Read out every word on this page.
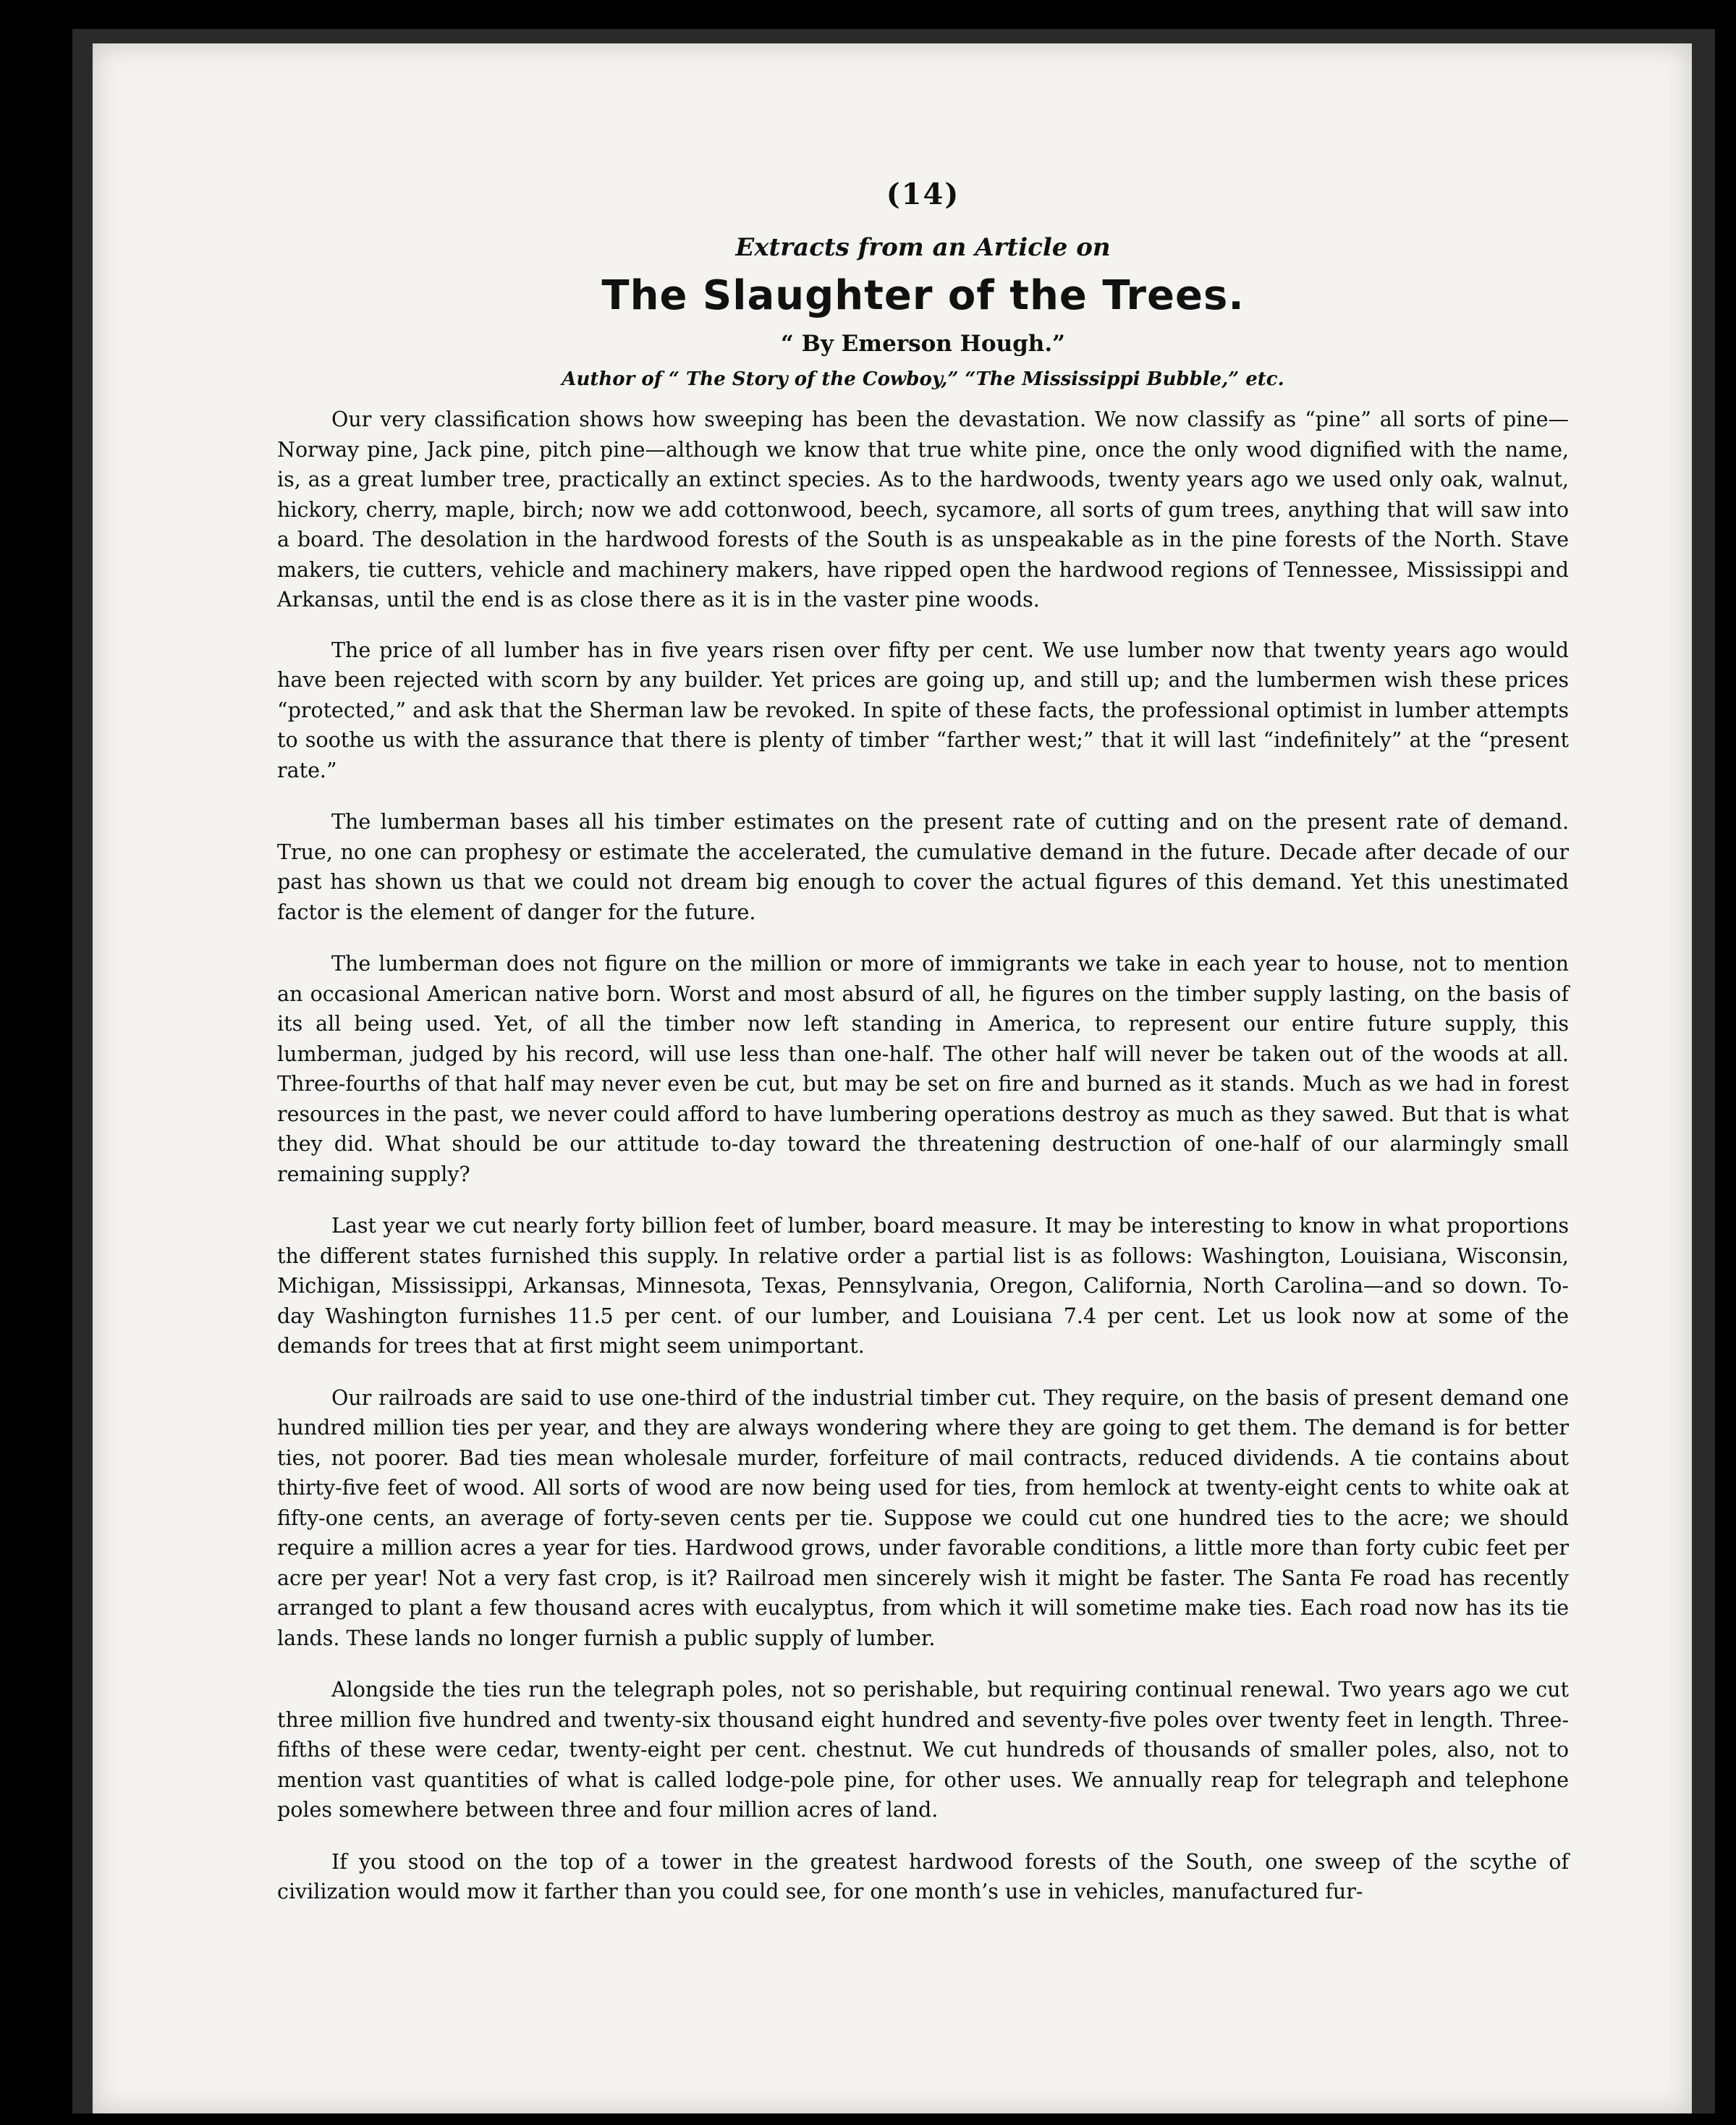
(14)
Extracts from an Article on
The Slaughter of the Trees.
“ By Emerson Hough.”
Author of “ The Story of the Cowboy,” “The Mississippi Bubble,” etc.

Our very classification shows how sweeping has been the devastation. We now classify as “pine” all sorts of pine—Norway pine, Jack pine, pitch pine—although we know that true white pine, once the only wood dignified with the name, is, as a great lumber tree, practically an extinct species. As to the hardwoods, twenty years ago we used only oak, walnut, hickory, cherry, maple, birch; now we add cottonwood, beech, sycamore, all sorts of gum trees, anything that will saw into a board. The desolation in the hardwood forests of the South is as unspeakable as in the pine forests of the North. Stave makers, tie cutters, vehicle and machinery makers, have ripped open the hardwood regions of Tennessee, Mississippi and Arkansas, until the end is as close there as it is in the vaster pine woods.

The price of all lumber has in five years risen over fifty per cent. We use lumber now that twenty years ago would have been rejected with scorn by any builder. Yet prices are going up, and still up; and the lumbermen wish these prices “protected,” and ask that the Sherman law be revoked. In spite of these facts, the professional optimist in lumber attempts to soothe us with the assurance that there is plenty of timber “farther west;” that it will last “indefinitely” at the “present rate.”

The lumberman bases all his timber estimates on the present rate of cutting and on the present rate of demand. True, no one can prophesy or estimate the accelerated, the cumulative demand in the future. Decade after decade of our past has shown us that we could not dream big enough to cover the actual figures of this demand. Yet this unestimated factor is the element of danger for the future.

The lumberman does not figure on the million or more of immigrants we take in each year to house, not to mention an occasional American native born. Worst and most absurd of all, he figures on the timber supply lasting, on the basis of its all being used. Yet, of all the timber now left standing in America, to represent our entire future supply, this lumberman, judged by his record, will use less than one-half. The other half will never be taken out of the woods at all. Three-fourths of that half may never even be cut, but may be set on fire and burned as it stands. Much as we had in forest resources in the past, we never could afford to have lumbering operations destroy as much as they sawed. But that is what they did. What should be our attitude to-day toward the threatening destruction of one-half of our alarmingly small remaining supply?

Last year we cut nearly forty billion feet of lumber, board measure. It may be interesting to know in what proportions the different states furnished this supply. In relative order a partial list is as follows: Washington, Louisiana, Wisconsin, Michigan, Mississippi, Arkansas, Minnesota, Texas, Pennsylvania, Oregon, California, North Carolina—and so down. To-day Washington furnishes 11.5 per cent. of our lumber, and Louisiana 7.4 per cent. Let us look now at some of the demands for trees that at first might seem unimportant.

Our railroads are said to use one-third of the industrial timber cut. They require, on the basis of present demand one hundred million ties per year, and they are always wondering where they are going to get them. The demand is for better ties, not poorer. Bad ties mean wholesale murder, forfeiture of mail contracts, reduced dividends. A tie contains about thirty-five feet of wood. All sorts of wood are now being used for ties, from hemlock at twenty-eight cents to white oak at fifty-one cents, an average of forty-seven cents per tie. Suppose we could cut one hundred ties to the acre; we should require a million acres a year for ties. Hardwood grows, under favorable conditions, a little more than forty cubic feet per acre per year! Not a very fast crop, is it? Railroad men sincerely wish it might be faster. The Santa Fe road has recently arranged to plant a few thousand acres with eucalyptus, from which it will sometime make ties. Each road now has its tie lands. These lands no longer furnish a public supply of lumber.

Alongside the ties run the telegraph poles, not so perishable, but requiring continual renewal. Two years ago we cut three million five hundred and twenty-six thousand eight hundred and seventy-five poles over twenty feet in length. Three-fifths of these were cedar, twenty-eight per cent. chestnut. We cut hundreds of thousands of smaller poles, also, not to mention vast quantities of what is called lodge-pole pine, for other uses. We annually reap for telegraph and telephone poles somewhere between three and four million acres of land.

If you stood on the top of a tower in the greatest hardwood forests of the South, one sweep of the scythe of civilization would mow it farther than you could see, for one month’s use in vehicles, manufactured fur-
